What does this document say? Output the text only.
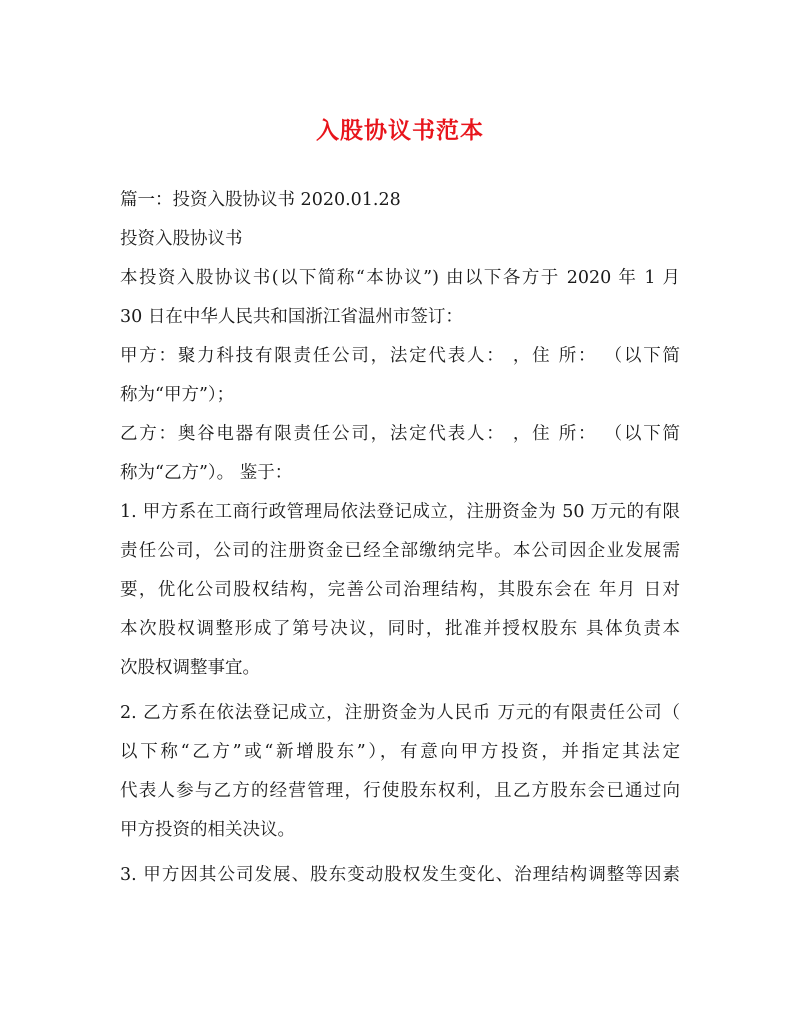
入股协议书范本
篇一：投资入股协议书 2020.01.28
投资入股协议书
本投资入股协议书(以下简称“本协议”) 由以下各方于 2020 年 1 月
30 日在中华人民共和国浙江省温州市签订：
甲方：聚力科技有限责任公司，法定代表人： ，住 所： （以下简
称为“甲方”）；
乙方：奥谷电器有限责任公司，法定代表人： ，住 所： （以下简
称为“乙方”）。 鉴于：
1. 甲方系在工商行政管理局依法登记成立，注册资金为 50 万元的有限
责任公司，公司的注册资金已经全部缴纳完毕。本公司因企业发展需
要，优化公司股权结构，完善公司治理结构，其股东会在 年月 日对
本次股权调整形成了第号决议，同时，批准并授权股东 具体负责本
次股权调整事宜。
2. 乙方系在依法登记成立，注册资金为人民币 万元的有限责任公司（
以下称“乙方”或“新增股东”），有意向甲方投资，并指定其法定
代表人参与乙方的经营管理，行使股东权利，且乙方股东会已通过向
甲方投资的相关决议。
3. 甲方因其公司发展、股东变动股权发生变化、治理结构调整等因素
